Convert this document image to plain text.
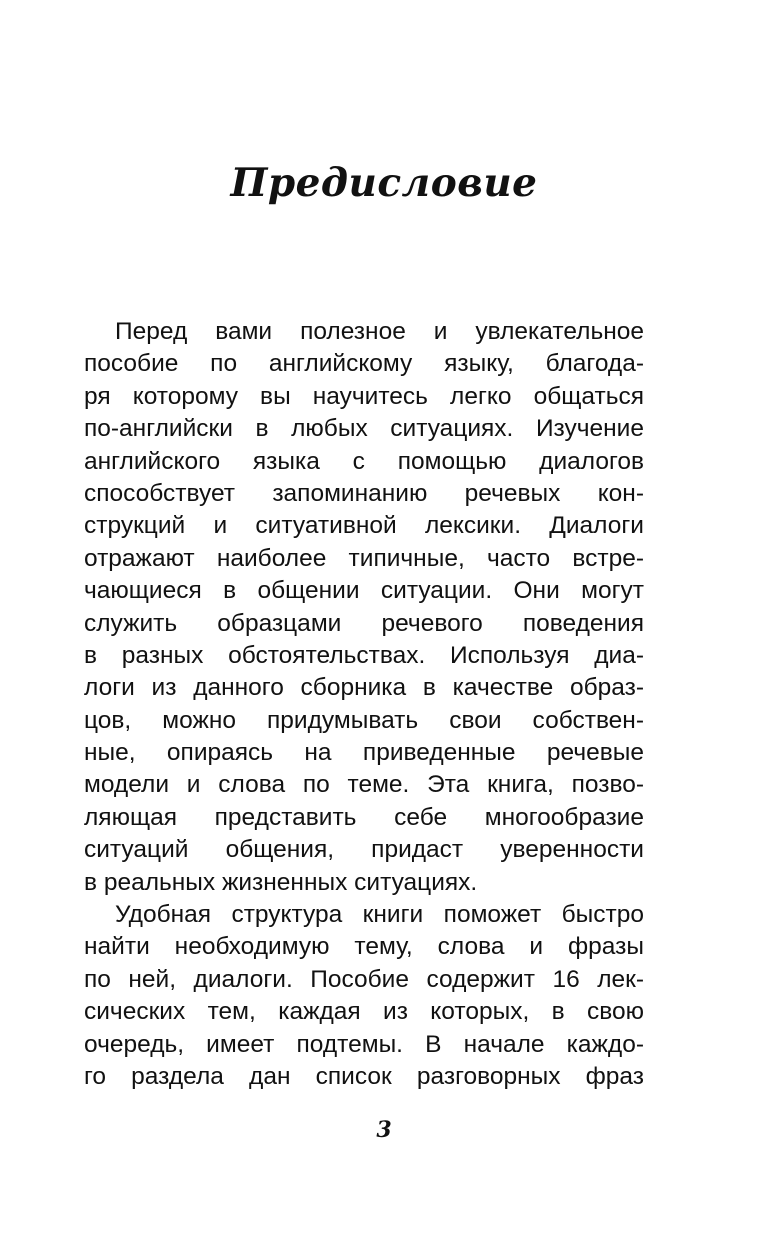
Предисловие
Перед вами полезное и увлекательное
пособие по английскому языку, благода-
ря которому вы научитесь легко общаться
по-английски в любых ситуациях. Изучение
английского языка с помощью диалогов
способствует запоминанию речевых кон-
струкций и ситуативной лексики. Диалоги
отражают наиболее типичные, часто встре-
чающиеся в общении ситуации. Они могут
служить образцами речевого поведения
в разных обстоятельствах. Используя диа-
логи из данного сборника в качестве образ-
цов, можно придумывать свои собствен-
ные, опираясь на приведенные речевые
модели и слова по теме. Эта книга, позво-
ляющая представить себе многообразие
ситуаций общения, придаст уверенности
в реальных жизненных ситуациях.
Удобная структура книги поможет быстро
найти необходимую тему, слова и фразы
по ней, диалоги. Пособие содержит 16 лек-
сических тем, каждая из которых, в свою
очередь, имеет подтемы. В начале каждо-
го раздела дан список разговорных фраз
3
